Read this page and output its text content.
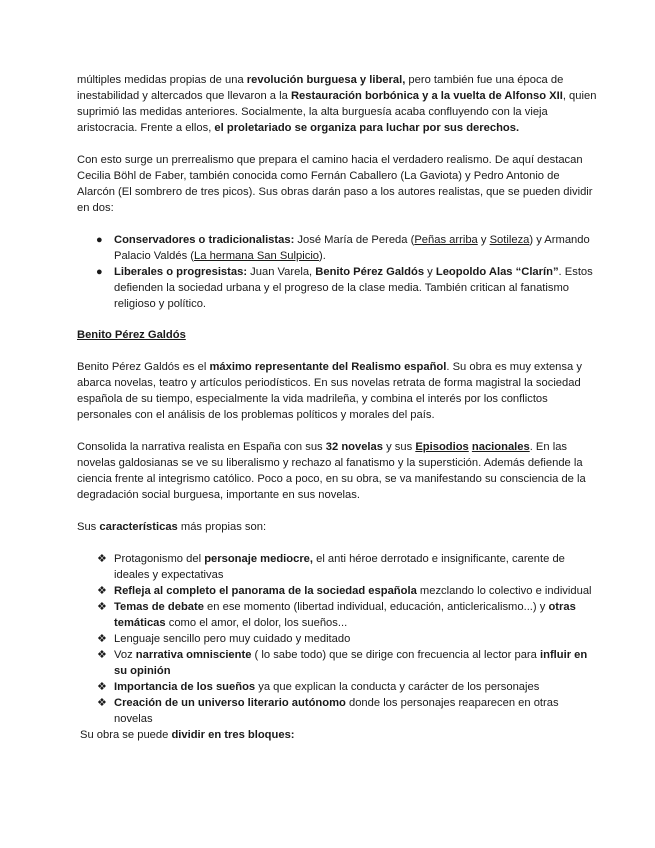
múltiples medidas propias de una revolución burguesa y liberal, pero también fue una época de inestabilidad y altercados que llevaron a la Restauración borbónica y a la vuelta de Alfonso XII, quien suprimió las medidas anteriores. Socialmente, la alta burguesía acaba confluyendo con la vieja aristocracia. Frente a ellos, el proletariado se organiza para luchar por sus derechos.

Con esto surge un prerrealismo que prepara el camino hacia el verdadero realismo. De aquí destacan Cecilia Böhl de Faber, también conocida como Fernán Caballero (La Gaviota) y Pedro Antonio de Alarcón (El sombrero de tres picos). Sus obras darán paso a los autores realistas, que se pueden dividir en dos:

● Conservadores o tradicionalistas: José María de Pereda (Peñas arriba y Sotileza) y Armando Palacio Valdés (La hermana San Sulpicio).
● Liberales o progresistas: Juan Varela, Benito Pérez Galdós y Leopoldo Alas “Clarín”. Estos defienden la sociedad urbana y el progreso de la clase media. También critican al fanatismo religioso y político.

Benito Pérez Galdós

Benito Pérez Galdós es el máximo representante del Realismo español. Su obra es muy extensa y abarca novelas, teatro y artículos periodísticos. En sus novelas retrata de forma magistral la sociedad española de su tiempo, especialmente la vida madrileña, y combina el interés por los conflictos personales con el análisis de los problemas políticos y morales del país.

Consolida la narrativa realista en España con sus 32 novelas y sus Episodios nacionales. En las novelas galdosianas se ve su liberalismo y rechazo al fanatismo y la superstición. Además defiende la ciencia frente al integrismo católico. Poco a poco, en su obra, se va manifestando su consciencia de la degradación social burguesa, importante en sus novelas.

Sus características más propias son:

❖ Protagonismo del personaje mediocre, el anti héroe derrotado e insignificante, carente de ideales y expectativas
❖ Refleja al completo el panorama de la sociedad española mezclando lo colectivo e individual
❖ Temas de debate en ese momento (libertad individual, educación, anticlericalismo...) y otras temáticas como el amor, el dolor, los sueños...
❖ Lenguaje sencillo pero muy cuidado y meditado
❖ Voz narrativa omnisciente ( lo sabe todo) que se dirige con frecuencia al lector para influir en su opinión
❖ Importancia de los sueños ya que explican la conducta y carácter de los personajes
❖ Creación de un universo literario autónomo donde los personajes reaparecen en otras novelas

Su obra se puede dividir en tres bloques:
